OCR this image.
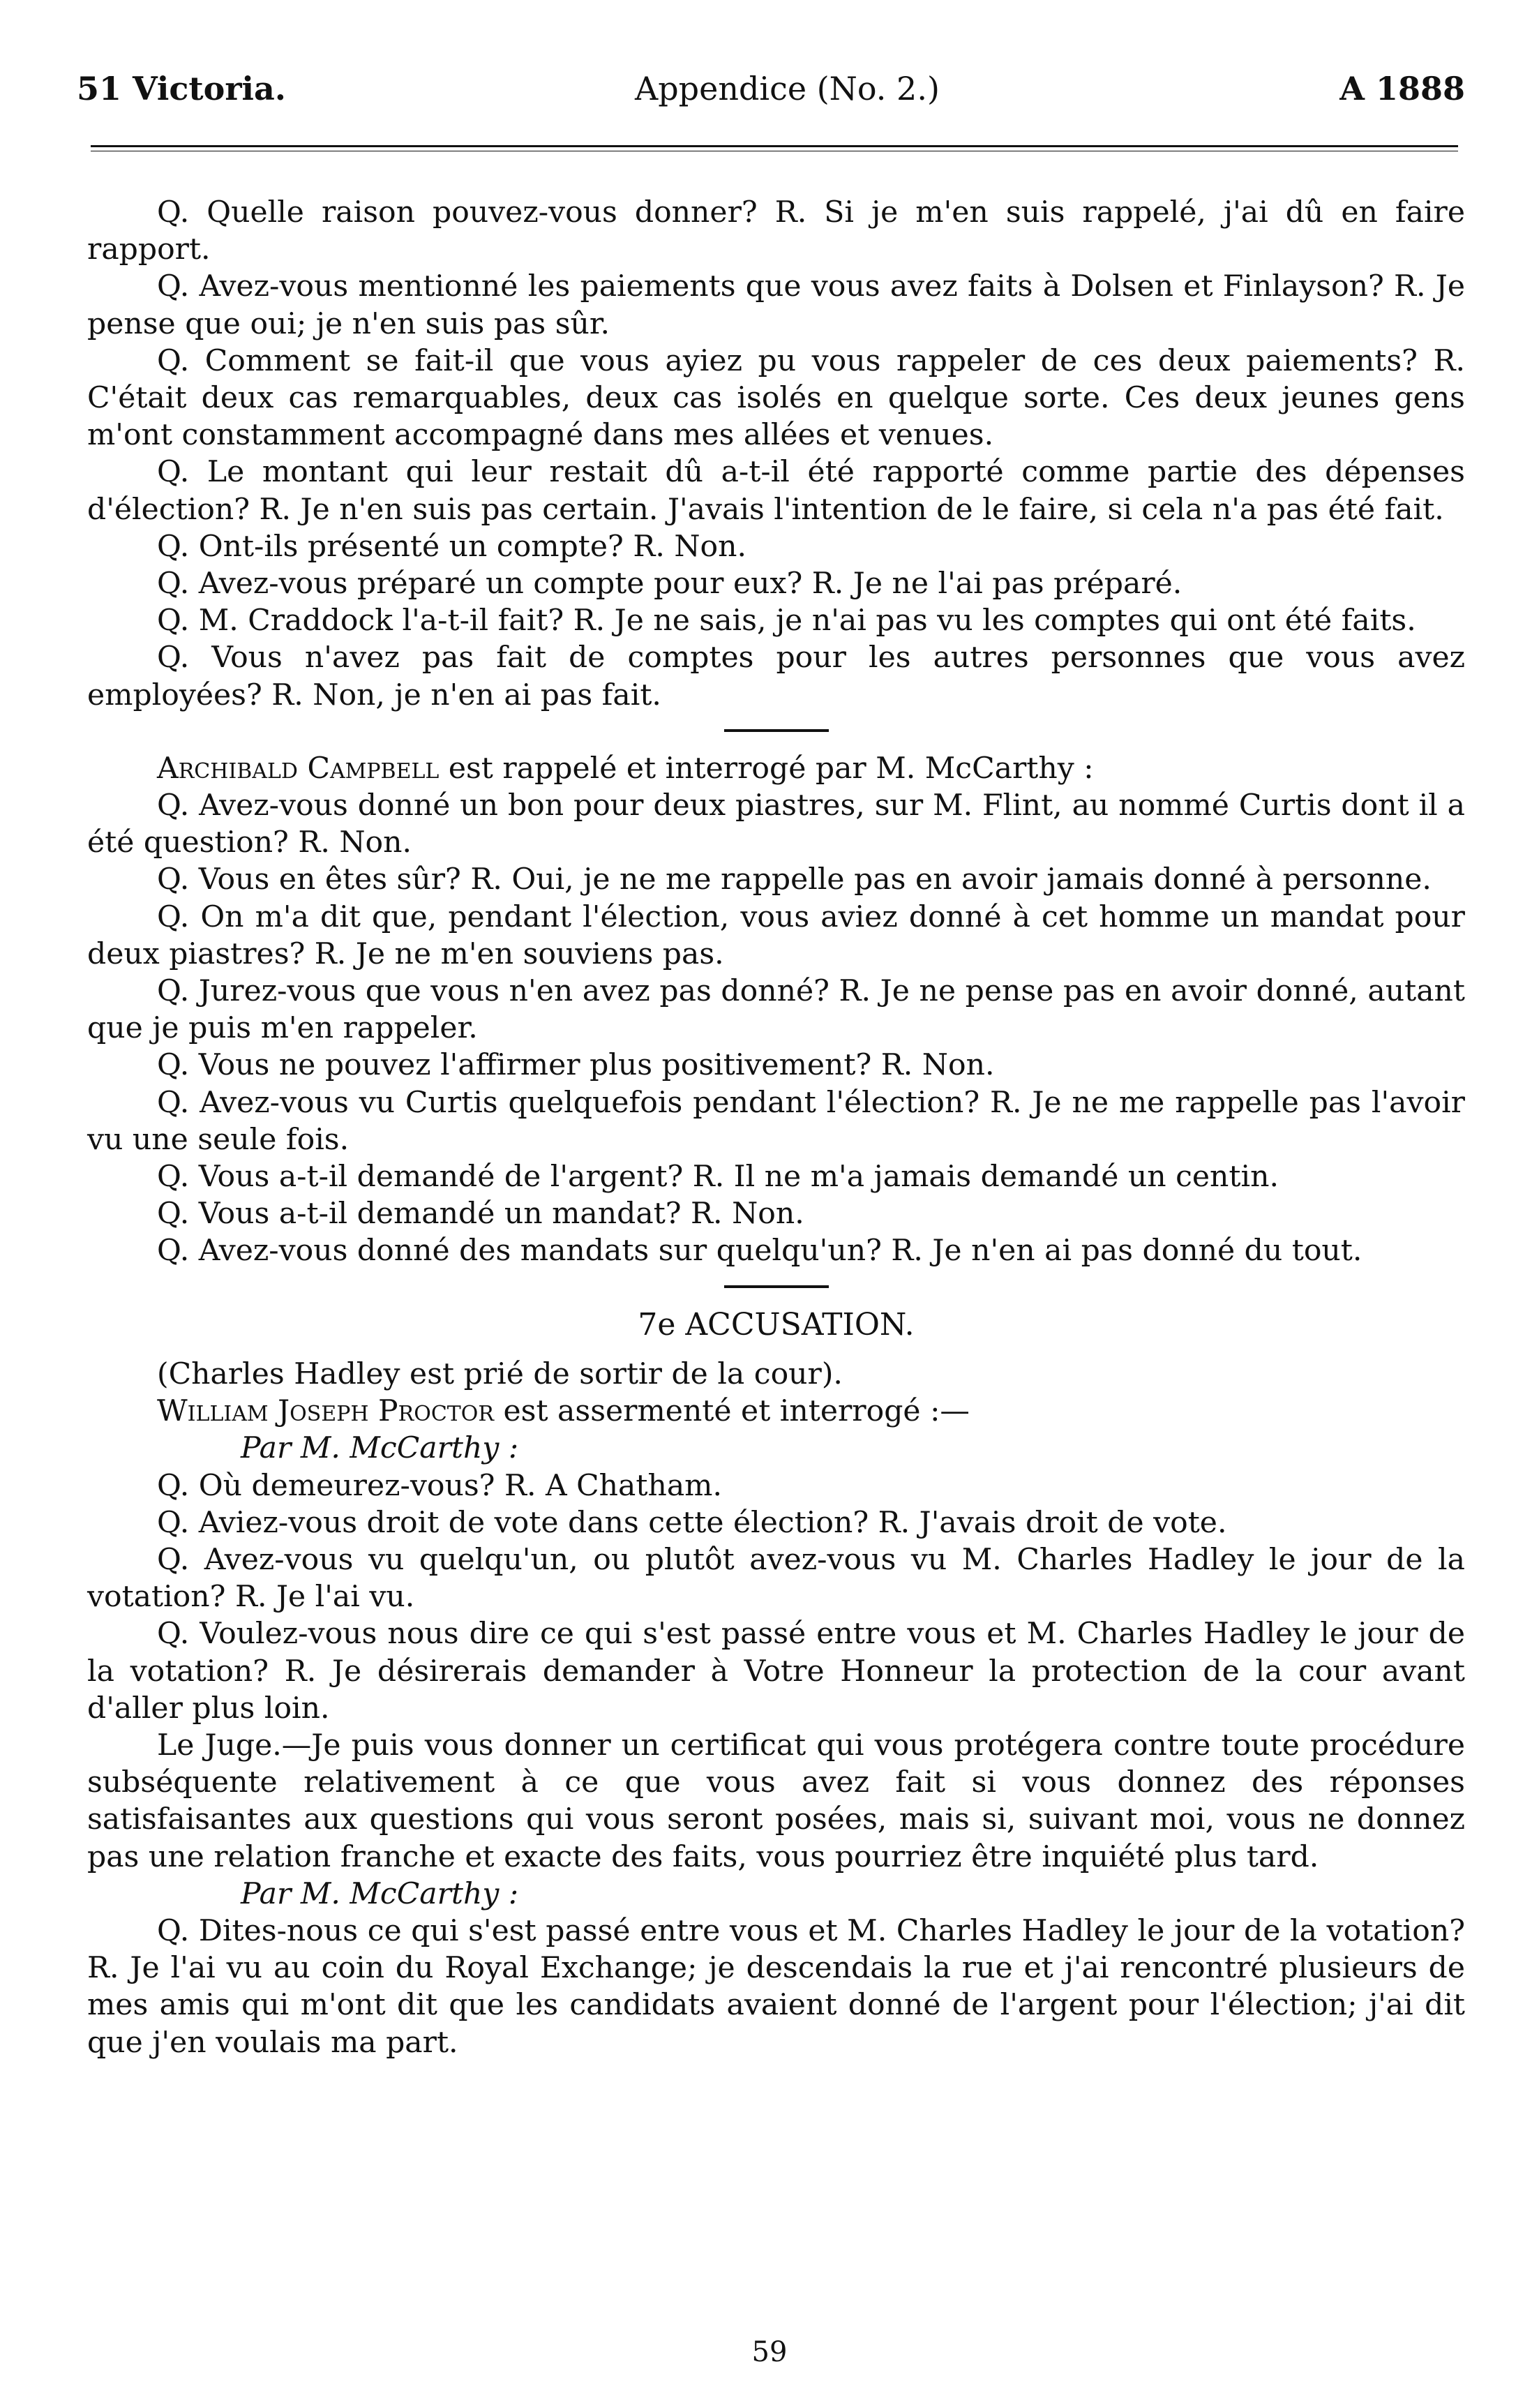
51 Victoria.	Appendice (No. 2.)	A 1888

Q. Quelle raison pouvez-vous donner? R. Si je m'en suis rappelé, j'ai dû en faire rapport.

Q. Avez-vous mentionné les paiements que vous avez faits à Dolsen et Finlayson? R. Je pense que oui; je n'en suis pas sûr.

Q. Comment se fait-il que vous ayiez pu vous rappeler de ces deux paiements? R. C'était deux cas remarquables, deux cas isolés en quelque sorte. Ces deux jeunes gens m'ont constamment accompagné dans mes allées et venues.

Q. Le montant qui leur restait dû a-t-il été rapporté comme partie des dépenses d'élection? R. Je n'en suis pas certain. J'avais l'intention de le faire, si cela n'a pas été fait.

Q. Ont-ils présenté un compte? R. Non.

Q. Avez-vous préparé un compte pour eux? R. Je ne l'ai pas préparé.

Q. M. Craddock l'a-t-il fait? R. Je ne sais, je n'ai pas vu les comptes qui ont été faits.

Q. Vous n'avez pas fait de comptes pour les autres personnes que vous avez employées? R. Non, je n'en ai pas fait.

Archibald Campbell est rappelé et interrogé par M. McCarthy :

Q. Avez-vous donné un bon pour deux piastres, sur M. Flint, au nommé Curtis dont il a été question? R. Non.

Q. Vous en êtes sûr? R. Oui, je ne me rappelle pas en avoir jamais donné à personne.

Q. On m'a dit que, pendant l'élection, vous aviez donné à cet homme un mandat pour deux piastres? R. Je ne m'en souviens pas.

Q. Jurez-vous que vous n'en avez pas donné? R. Je ne pense pas en avoir donné, autant que je puis m'en rappeler.

Q. Vous ne pouvez l'affirmer plus positivement? R. Non.

Q. Avez-vous vu Curtis quelquefois pendant l'élection? R. Je ne me rappelle pas l'avoir vu une seule fois.

Q. Vous a-t-il demandé de l'argent? R. Il ne m'a jamais demandé un centin.

Q. Vous a-t-il demandé un mandat? R. Non.

Q. Avez-vous donné des mandats sur quelqu'un? R. Je n'en ai pas donné du tout.

7e ACCUSATION.

(Charles Hadley est prié de sortir de la cour).

William Joseph Proctor est assermenté et interrogé :—

Par M. McCarthy :

Q. Où demeurez-vous? R. A Chatham.

Q. Aviez-vous droit de vote dans cette élection? R. J'avais droit de vote.

Q. Avez-vous vu quelqu'un, ou plutôt avez-vous vu M. Charles Hadley le jour de la votation? R. Je l'ai vu.

Q. Voulez-vous nous dire ce qui s'est passé entre vous et M. Charles Hadley le jour de la votation? R. Je désirerais demander à Votre Honneur la protection de la cour avant d'aller plus loin.

Le Juge.—Je puis vous donner un certificat qui vous protégera contre toute procédure subséquente relativement à ce que vous avez fait si vous donnez des réponses satisfaisantes aux questions qui vous seront posées, mais si, suivant moi, vous ne donnez pas une relation franche et exacte des faits, vous pourriez être inquiété plus tard.

Par M. McCarthy :

Q. Dites-nous ce qui s'est passé entre vous et M. Charles Hadley le jour de la votation? R. Je l'ai vu au coin du Royal Exchange; je descendais la rue et j'ai rencontré plusieurs de mes amis qui m'ont dit que les candidats avaient donné de l'argent pour l'élection; j'ai dit que j'en voulais ma part.

59
